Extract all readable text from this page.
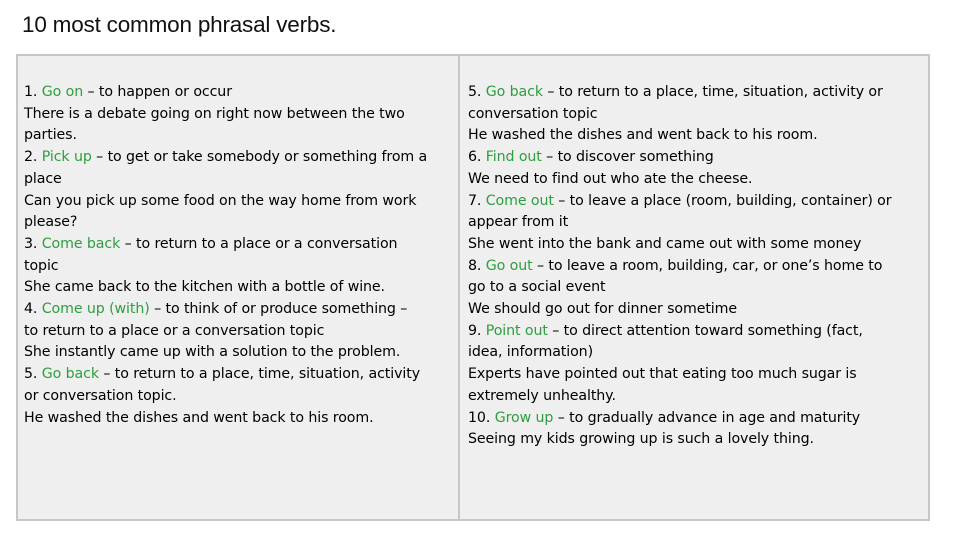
10 most common phrasal verbs.
1. Go on – to happen or occur
There is a debate going on right now between the two
parties.
2. Pick up – to get or take somebody or something from a
place
Can you pick up some food on the way home from work
please?
3. Come back – to return to a place or a conversation
topic
She came back to the kitchen with a bottle of wine.
4. Come up (with) – to think of or produce something –
to return to a place or a conversation topic
She instantly came up with a solution to the problem.
5. Go back – to return to a place, time, situation, activity
or conversation topic.
He washed the dishes and went back to his room.
5. Go back – to return to a place, time, situation, activity or
conversation topic
He washed the dishes and went back to his room.
6. Find out – to discover something
We need to find out who ate the cheese.
7. Come out – to leave a place (room, building, container) or
appear from it
She went into the bank and came out with some money
8. Go out – to leave a room, building, car, or one’s home to
go to a social event
We should go out for dinner sometime
9. Point out – to direct attention toward something (fact,
idea, information)
Experts have pointed out that eating too much sugar is
extremely unhealthy.
10. Grow up – to gradually advance in age and maturity
Seeing my kids growing up is such a lovely thing.
